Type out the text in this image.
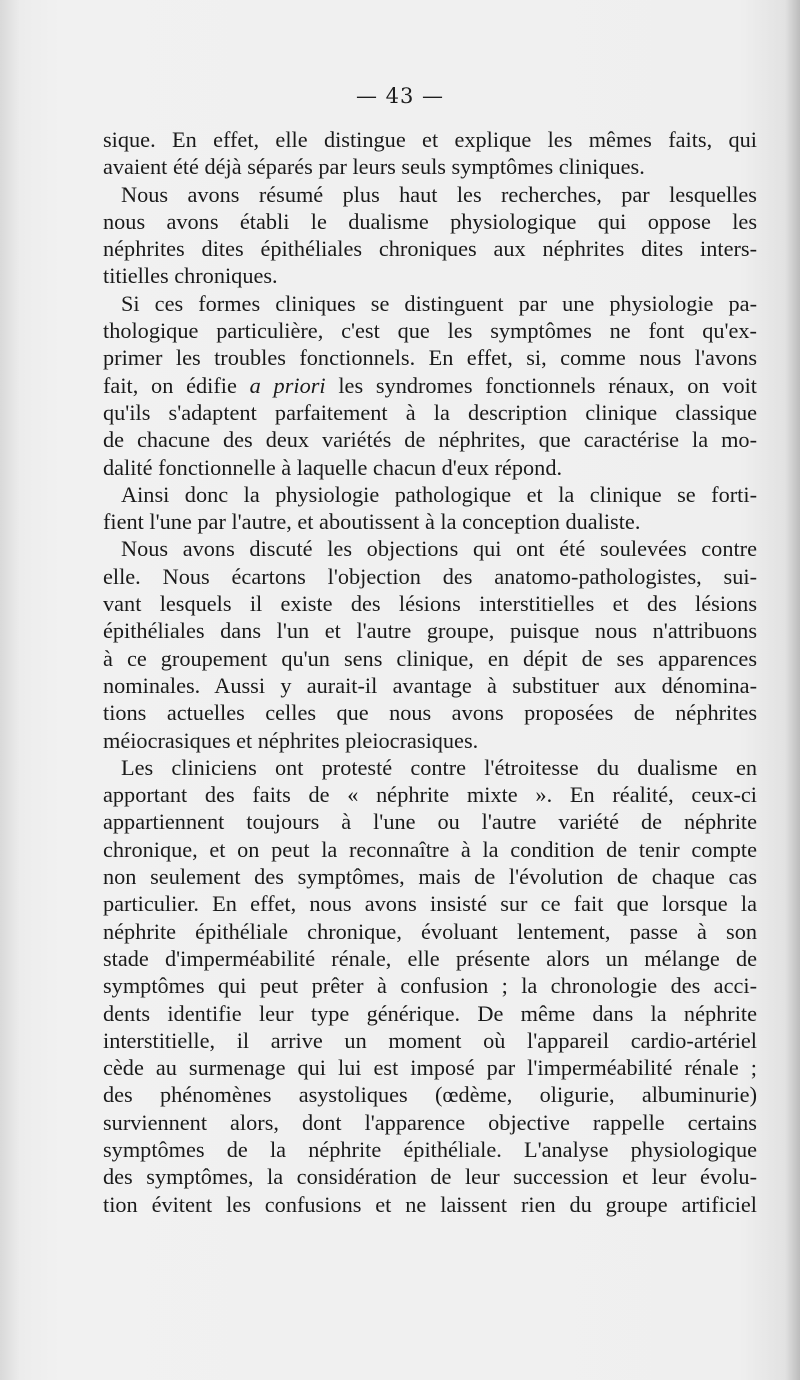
— 43 —
sique. En effet, elle distingue et explique les mêmes faits, qui
avaient été déjà séparés par leurs seuls symptômes cliniques.
Nous avons résumé plus haut les recherches, par lesquelles
nous avons établi le dualisme physiologique qui oppose les
néphrites dites épithéliales chroniques aux néphrites dites inters-
titielles chroniques.
Si ces formes cliniques se distinguent par une physiologie pa-
thologique particulière, c'est que les symptômes ne font qu'ex-
primer les troubles fonctionnels. En effet, si, comme nous l'avons
fait, on édifie a priori les syndromes fonctionnels rénaux, on voit
qu'ils s'adaptent parfaitement à la description clinique classique
de chacune des deux variétés de néphrites, que caractérise la mo-
dalité fonctionnelle à laquelle chacun d'eux répond.
Ainsi donc la physiologie pathologique et la clinique se forti-
fient l'une par l'autre, et aboutissent à la conception dualiste.
Nous avons discuté les objections qui ont été soulevées contre
elle. Nous écartons l'objection des anatomo-pathologistes, sui-
vant lesquels il existe des lésions interstitielles et des lésions
épithéliales dans l'un et l'autre groupe, puisque nous n'attribuons
à ce groupement qu'un sens clinique, en dépit de ses apparences
nominales. Aussi y aurait-il avantage à substituer aux dénomina-
tions actuelles celles que nous avons proposées de néphrites
méiocrasiques et néphrites pleiocrasiques.
Les cliniciens ont protesté contre l'étroitesse du dualisme en
apportant des faits de « néphrite mixte ». En réalité, ceux-ci
appartiennent toujours à l'une ou l'autre variété de néphrite
chronique, et on peut la reconnaître à la condition de tenir compte
non seulement des symptômes, mais de l'évolution de chaque cas
particulier. En effet, nous avons insisté sur ce fait que lorsque la
néphrite épithéliale chronique, évoluant lentement, passe à son
stade d'imperméabilité rénale, elle présente alors un mélange de
symptômes qui peut prêter à confusion ; la chronologie des acci-
dents identifie leur type générique. De même dans la néphrite
interstitielle, il arrive un moment où l'appareil cardio-artériel
cède au surmenage qui lui est imposé par l'imperméabilité rénale ;
des phénomènes asystoliques (œdème, oligurie, albuminurie)
surviennent alors, dont l'apparence objective rappelle certains
symptômes de la néphrite épithéliale. L'analyse physiologique
des symptômes, la considération de leur succession et leur évolu-
tion évitent les confusions et ne laissent rien du groupe artificiel
